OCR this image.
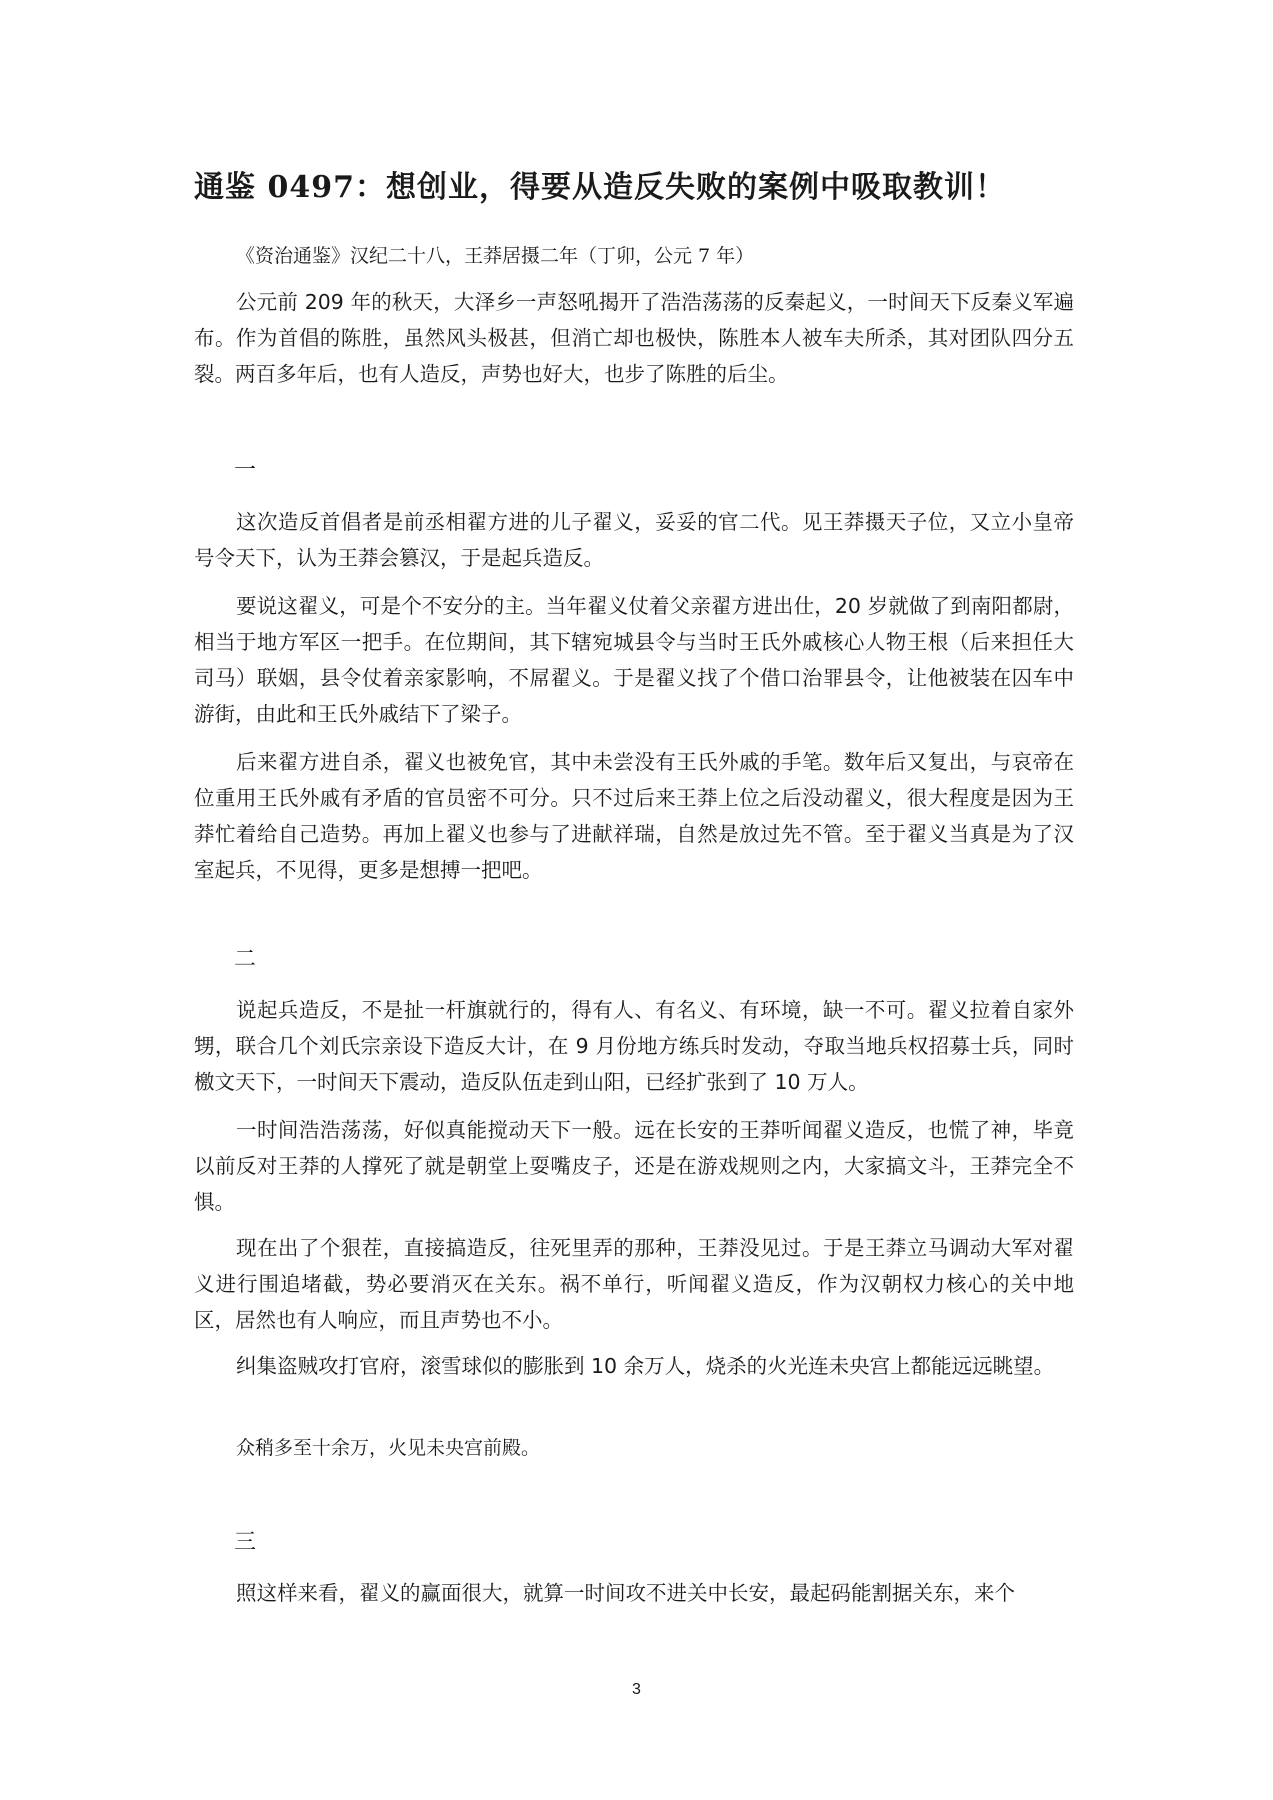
通鉴 0497：想创业，得要从造反失败的案例中吸取教训！

《资治通鉴》汉纪二十八，王莽居摄二年（丁卯，公元 7 年）

公元前 209 年的秋天，大泽乡一声怒吼揭开了浩浩荡荡的反秦起义，一时间天下反秦义军遍布。作为首倡的陈胜，虽然风头极甚，但消亡却也极快，陈胜本人被车夫所杀，其对团队四分五裂。两百多年后，也有人造反，声势也好大，也步了陈胜的后尘。

一

这次造反首倡者是前丞相翟方进的儿子翟义，妥妥的官二代。见王莽摄天子位，又立小皇帝号令天下，认为王莽会篡汉，于是起兵造反。

要说这翟义，可是个不安分的主。当年翟义仗着父亲翟方进出仕，20 岁就做了到南阳都尉，相当于地方军区一把手。在位期间，其下辖宛城县令与当时王氏外戚核心人物王根（后来担任大司马）联姻，县令仗着亲家影响，不屌翟义。于是翟义找了个借口治罪县令，让他被装在囚车中游街，由此和王氏外戚结下了梁子。

后来翟方进自杀，翟义也被免官，其中未尝没有王氏外戚的手笔。数年后又复出，与哀帝在位重用王氏外戚有矛盾的官员密不可分。只不过后来王莽上位之后没动翟义，很大程度是因为王莽忙着给自己造势。再加上翟义也参与了进献祥瑞，自然是放过先不管。至于翟义当真是为了汉室起兵，不见得，更多是想搏一把吧。

二

说起兵造反，不是扯一杆旗就行的，得有人、有名义、有环境，缺一不可。翟义拉着自家外甥，联合几个刘氏宗亲设下造反大计，在 9 月份地方练兵时发动，夺取当地兵权招募士兵，同时檄文天下，一时间天下震动，造反队伍走到山阳，已经扩张到了 10 万人。

一时间浩浩荡荡，好似真能搅动天下一般。远在长安的王莽听闻翟义造反，也慌了神，毕竟以前反对王莽的人撑死了就是朝堂上耍嘴皮子，还是在游戏规则之内，大家搞文斗，王莽完全不惧。

现在出了个狠茬，直接搞造反，往死里弄的那种，王莽没见过。于是王莽立马调动大军对翟义进行围追堵截，势必要消灭在关东。祸不单行，听闻翟义造反，作为汉朝权力核心的关中地区，居然也有人响应，而且声势也不小。

纠集盗贼攻打官府，滚雪球似的膨胀到 10 余万人，烧杀的火光连未央宫上都能远远眺望。

众稍多至十余万，火见未央宫前殿。

三

照这样来看，翟义的赢面很大，就算一时间攻不进关中长安，最起码能割据关东，来个

3
